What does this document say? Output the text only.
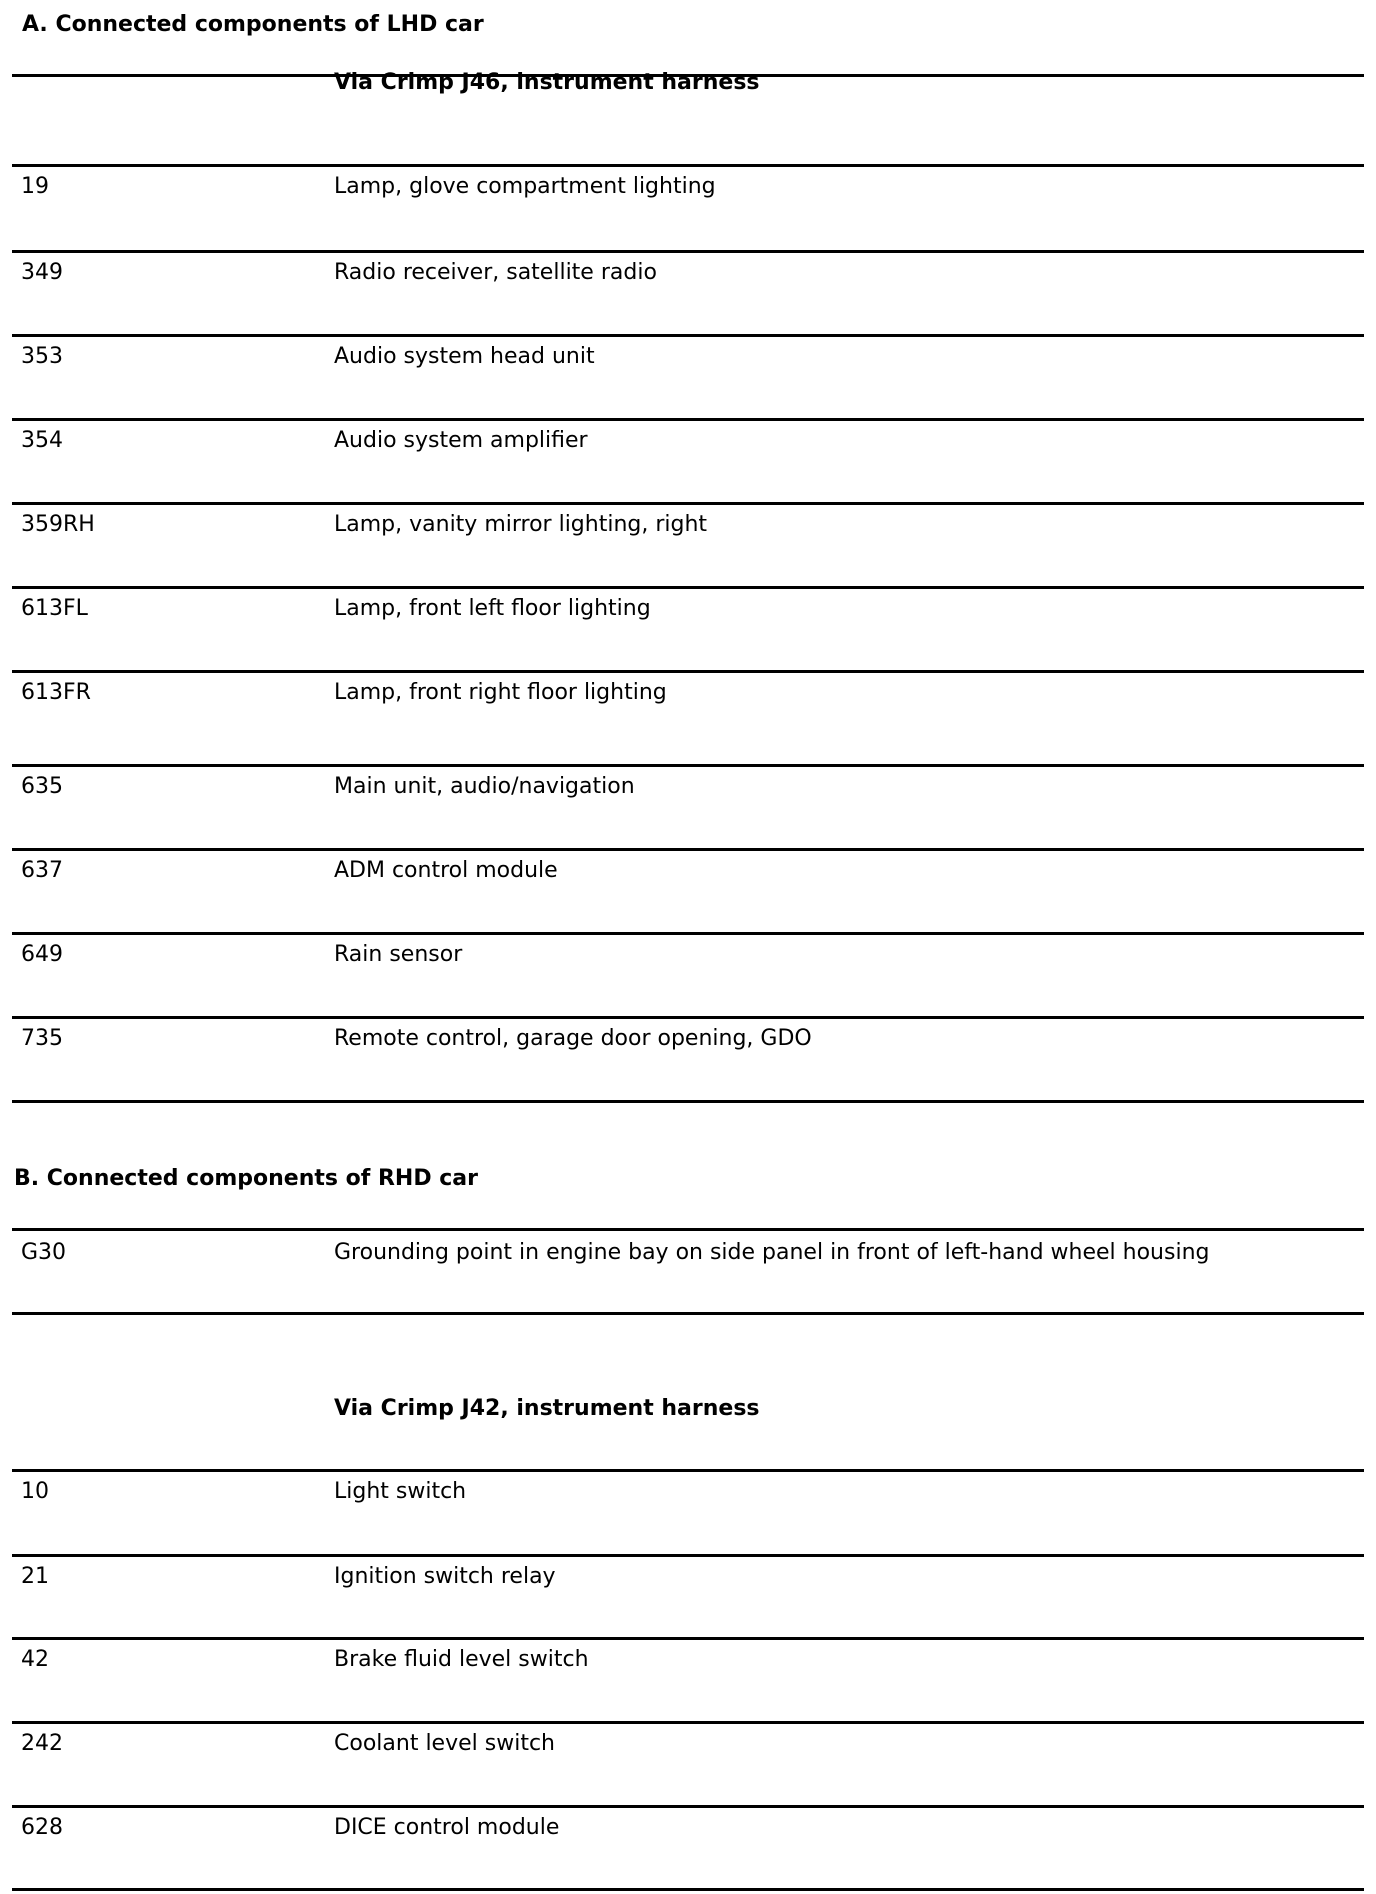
A. Connected components of LHD car
Via Crimp J46, instrument harness
19	Lamp, glove compartment lighting
349	Radio receiver, satellite radio
353	Audio system head unit
354	Audio system amplifier
359RH	Lamp, vanity mirror lighting, right
613FL	Lamp, front left floor lighting
613FR	Lamp, front right floor lighting
635	Main unit, audio/navigation
637	ADM control module
649	Rain sensor
735	Remote control, garage door opening, GDO
B. Connected components of RHD car
G30	Grounding point in engine bay on side panel in front of left-hand wheel housing
Via Crimp J42, instrument harness
10	Light switch
21	Ignition switch relay
42	Brake fluid level switch
242	Coolant level switch
628	DICE control module
